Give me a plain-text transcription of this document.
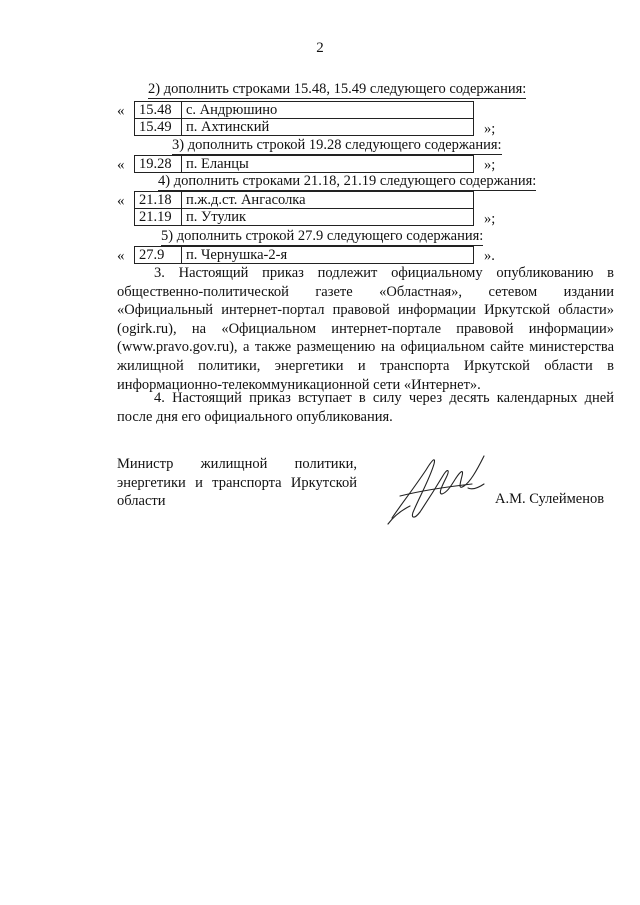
2
2) дополнить строками 15.48, 15.49 следующего содержания:
« 15.48	с. Андрюшино
15.49	п. Ахтинский	»;
3) дополнить строкой 19.28 следующего содержания:
« 19.28	п. Еланцы	»;
4) дополнить строками 21.18, 21.19 следующего содержания:
« 21.18	п.ж.д.ст. Ангасолка
21.19	п. Утулик	»;
5) дополнить строкой 27.9 следующего содержания:
« 27.9	п. Чернушка-2-я	».
3. Настоящий приказ подлежит официальному опубликованию в
общественно-политической газете «Областная», сетевом издании
«Официальный интернет-портал правовой информации Иркутской области»
(ogirk.ru), на «Официальном интернет-портале правовой информации»
(www.pravo.gov.ru), а также размещению на официальном сайте министерства
жилищной политики, энергетики и транспорта Иркутской области в
информационно-телекоммуникационной сети «Интернет».
4. Настоящий приказ вступает в силу через десять календарных дней
после дня его официального опубликования.
Министр жилищной политики,
энергетики и транспорта Иркутской
области	А.М. Сулейменов
